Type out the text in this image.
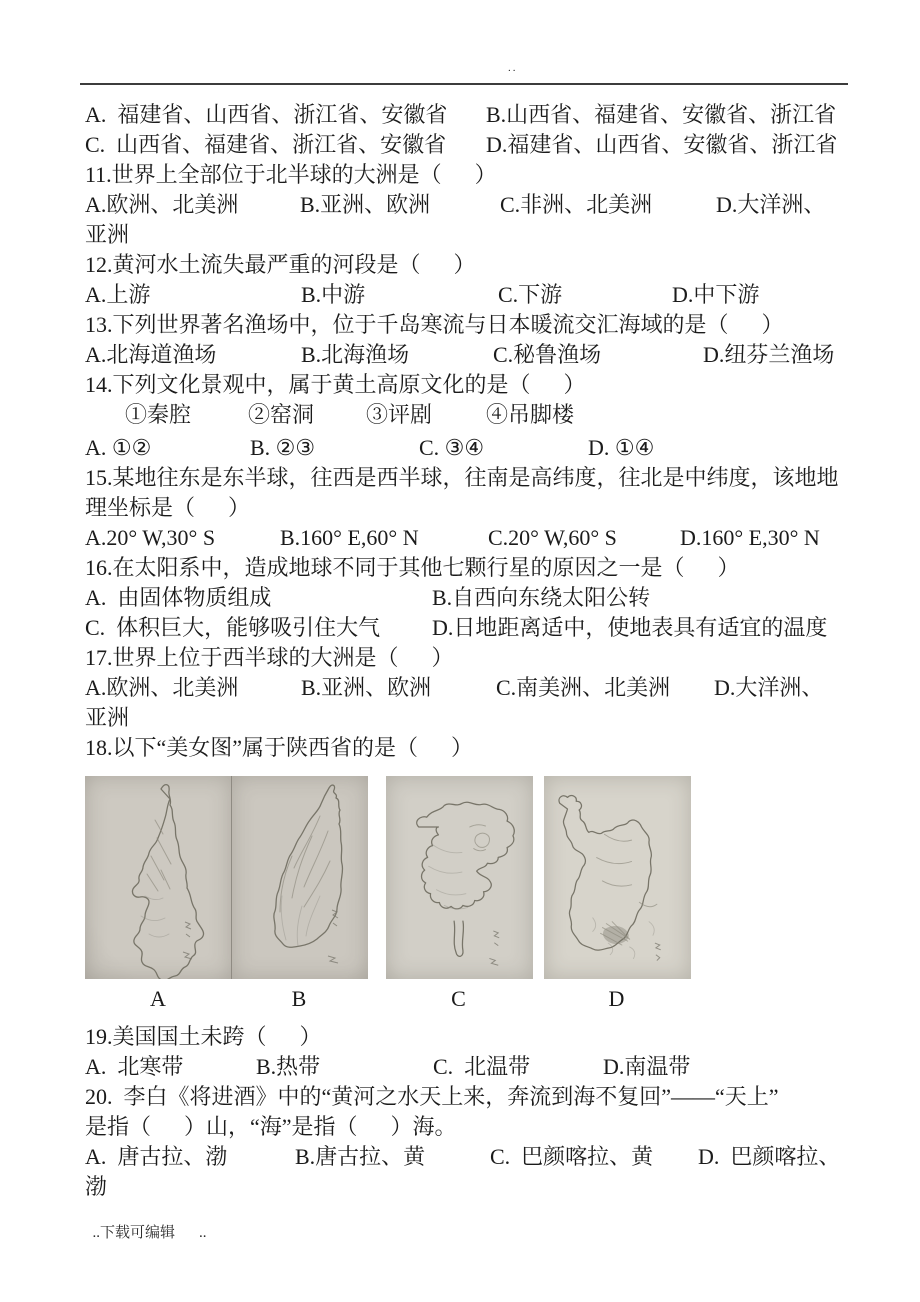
..
A.  福建省、山西省、浙江省、安徽省	B.山西省、福建省、安徽省、浙江省
C.  山西省、福建省、浙江省、安徽省	D.福建省、山西省、安徽省、浙江省
11.世界上全部位于北半球的大洲是（      ）
A.欧洲、北美洲	B.亚洲、欧洲	C.非洲、北美洲	D.大洋洲、
亚洲
12.黄河水土流失最严重的河段是（      ）
A.上游	B.中游	C.下游	D.中下游
13.下列世界著名渔场中，位于千岛寒流与日本暖流交汇海域的是（      ）
A.北海道渔场	B.北海渔场	C.秘鲁渔场	D.纽芬兰渔场
14.下列文化景观中，属于黄土高原文化的是（      ）
①秦腔	②窑洞	③评剧	④吊脚楼
A. ①②	B. ②③	C. ③④	D. ①④
15.某地往东是东半球，往西是西半球，往南是高纬度，往北是中纬度，该地地
理坐标是（      ）
A.20° W,30° S	B.160° E,60° N	C.20° W,60° S	D.160° E,30° N
16.在太阳系中，造成地球不同于其他七颗行星的原因之一是（      ）
A.  由固体物质组成	B.自西向东绕太阳公转
C.  体积巨大，能够吸引住大气	D.日地距离适中，使地表具有适宜的温度
17.世界上位于西半球的大洲是（      ）
A.欧洲、北美洲	B.亚洲、欧洲	C.南美洲、北美洲	D.大洋洲、
亚洲
18.以下“美女图”属于陕西省的是（      ）
A	B	C	D
19.美国国土未跨（      ）
A.  北寒带	B.热带	C.  北温带	D.南温带
20.  李白《将进酒》中的“黄河之水天上来，奔流到海不复回”——“天上”
是指（      ）山，“海”是指（      ）海。
A.  唐古拉、渤	B.唐古拉、黄	C.  巴颜喀拉、黄	D.  巴颜喀拉、
渤

..下载可编辑 ..
